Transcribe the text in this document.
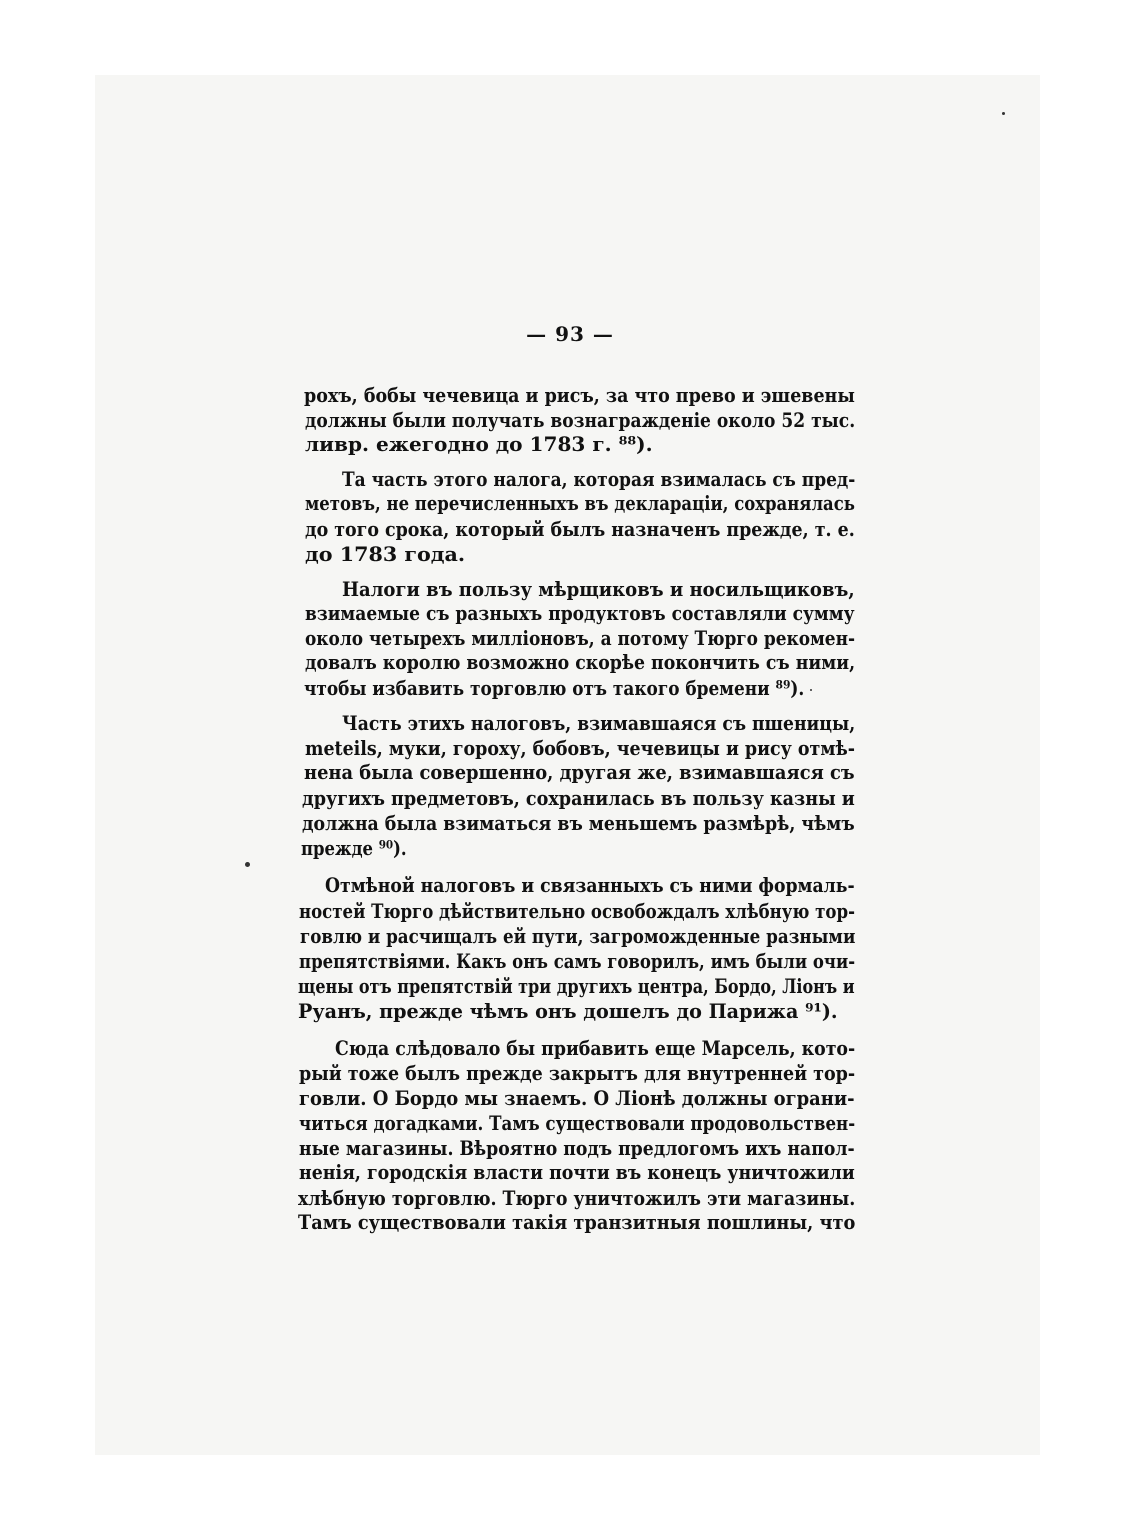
— 93 —
рохъ, бобы чечевица и рисъ, за что прево и эшевены
должны были получать вознагражденіе около 52 тыс.
ливр. ежегодно до 1783 г. ⁸⁸).
Та часть этого налога, которая взималась съ пред-
метовъ, не перечисленныхъ въ деклараціи, сохранялась
до того срока, который былъ назначенъ прежде, т. е.
до 1783 года.
Налоги въ пользу мѣрщиковъ и носильщиковъ,
взимаемые съ разныхъ продуктовъ составляли сумму
около четырехъ милліоновъ, а потому Тюрго рекомен-
довалъ королю возможно скорѣе покончить съ ними,
чтобы избавить торговлю отъ такого бремени ⁸⁹).
Часть этихъ налоговъ, взимавшаяся съ пшеницы,
meteils, муки, гороху, бобовъ, чечевицы и рису отмѣ-
нена была совершенно, другая же, взимавшаяся съ
другихъ предметовъ, сохранилась въ пользу казны и
должна была взиматься въ меньшемъ размѣрѣ, чѣмъ
прежде ⁹⁰).
Отмѣной налоговъ и связанныхъ съ ними формаль-
ностей Тюрго дѣйствительно освобождалъ хлѣбную тор-
говлю и расчищалъ ей пути, загроможденные разными
препятствіями. Какъ онъ самъ говорилъ, имъ были очи-
щены отъ препятствій три другихъ центра, Бордо, Ліонъ и
Руанъ, прежде чѣмъ онъ дошелъ до Парижа ⁹¹).
Сюда слѣдовало бы прибавить еще Марсель, кото-
рый тоже былъ прежде закрытъ для внутренней тор-
говли. О Бордо мы знаемъ. О Ліонѣ должны ограни-
читься догадками. Тамъ существовали продовольствен-
ные магазины. Вѣроятно подъ предлогомъ ихъ напол-
ненія, городскія власти почти въ конецъ уничтожили
хлѣбную торговлю. Тюрго уничтожилъ эти магазины.
Тамъ существовали такія транзитныя пошлины, что
